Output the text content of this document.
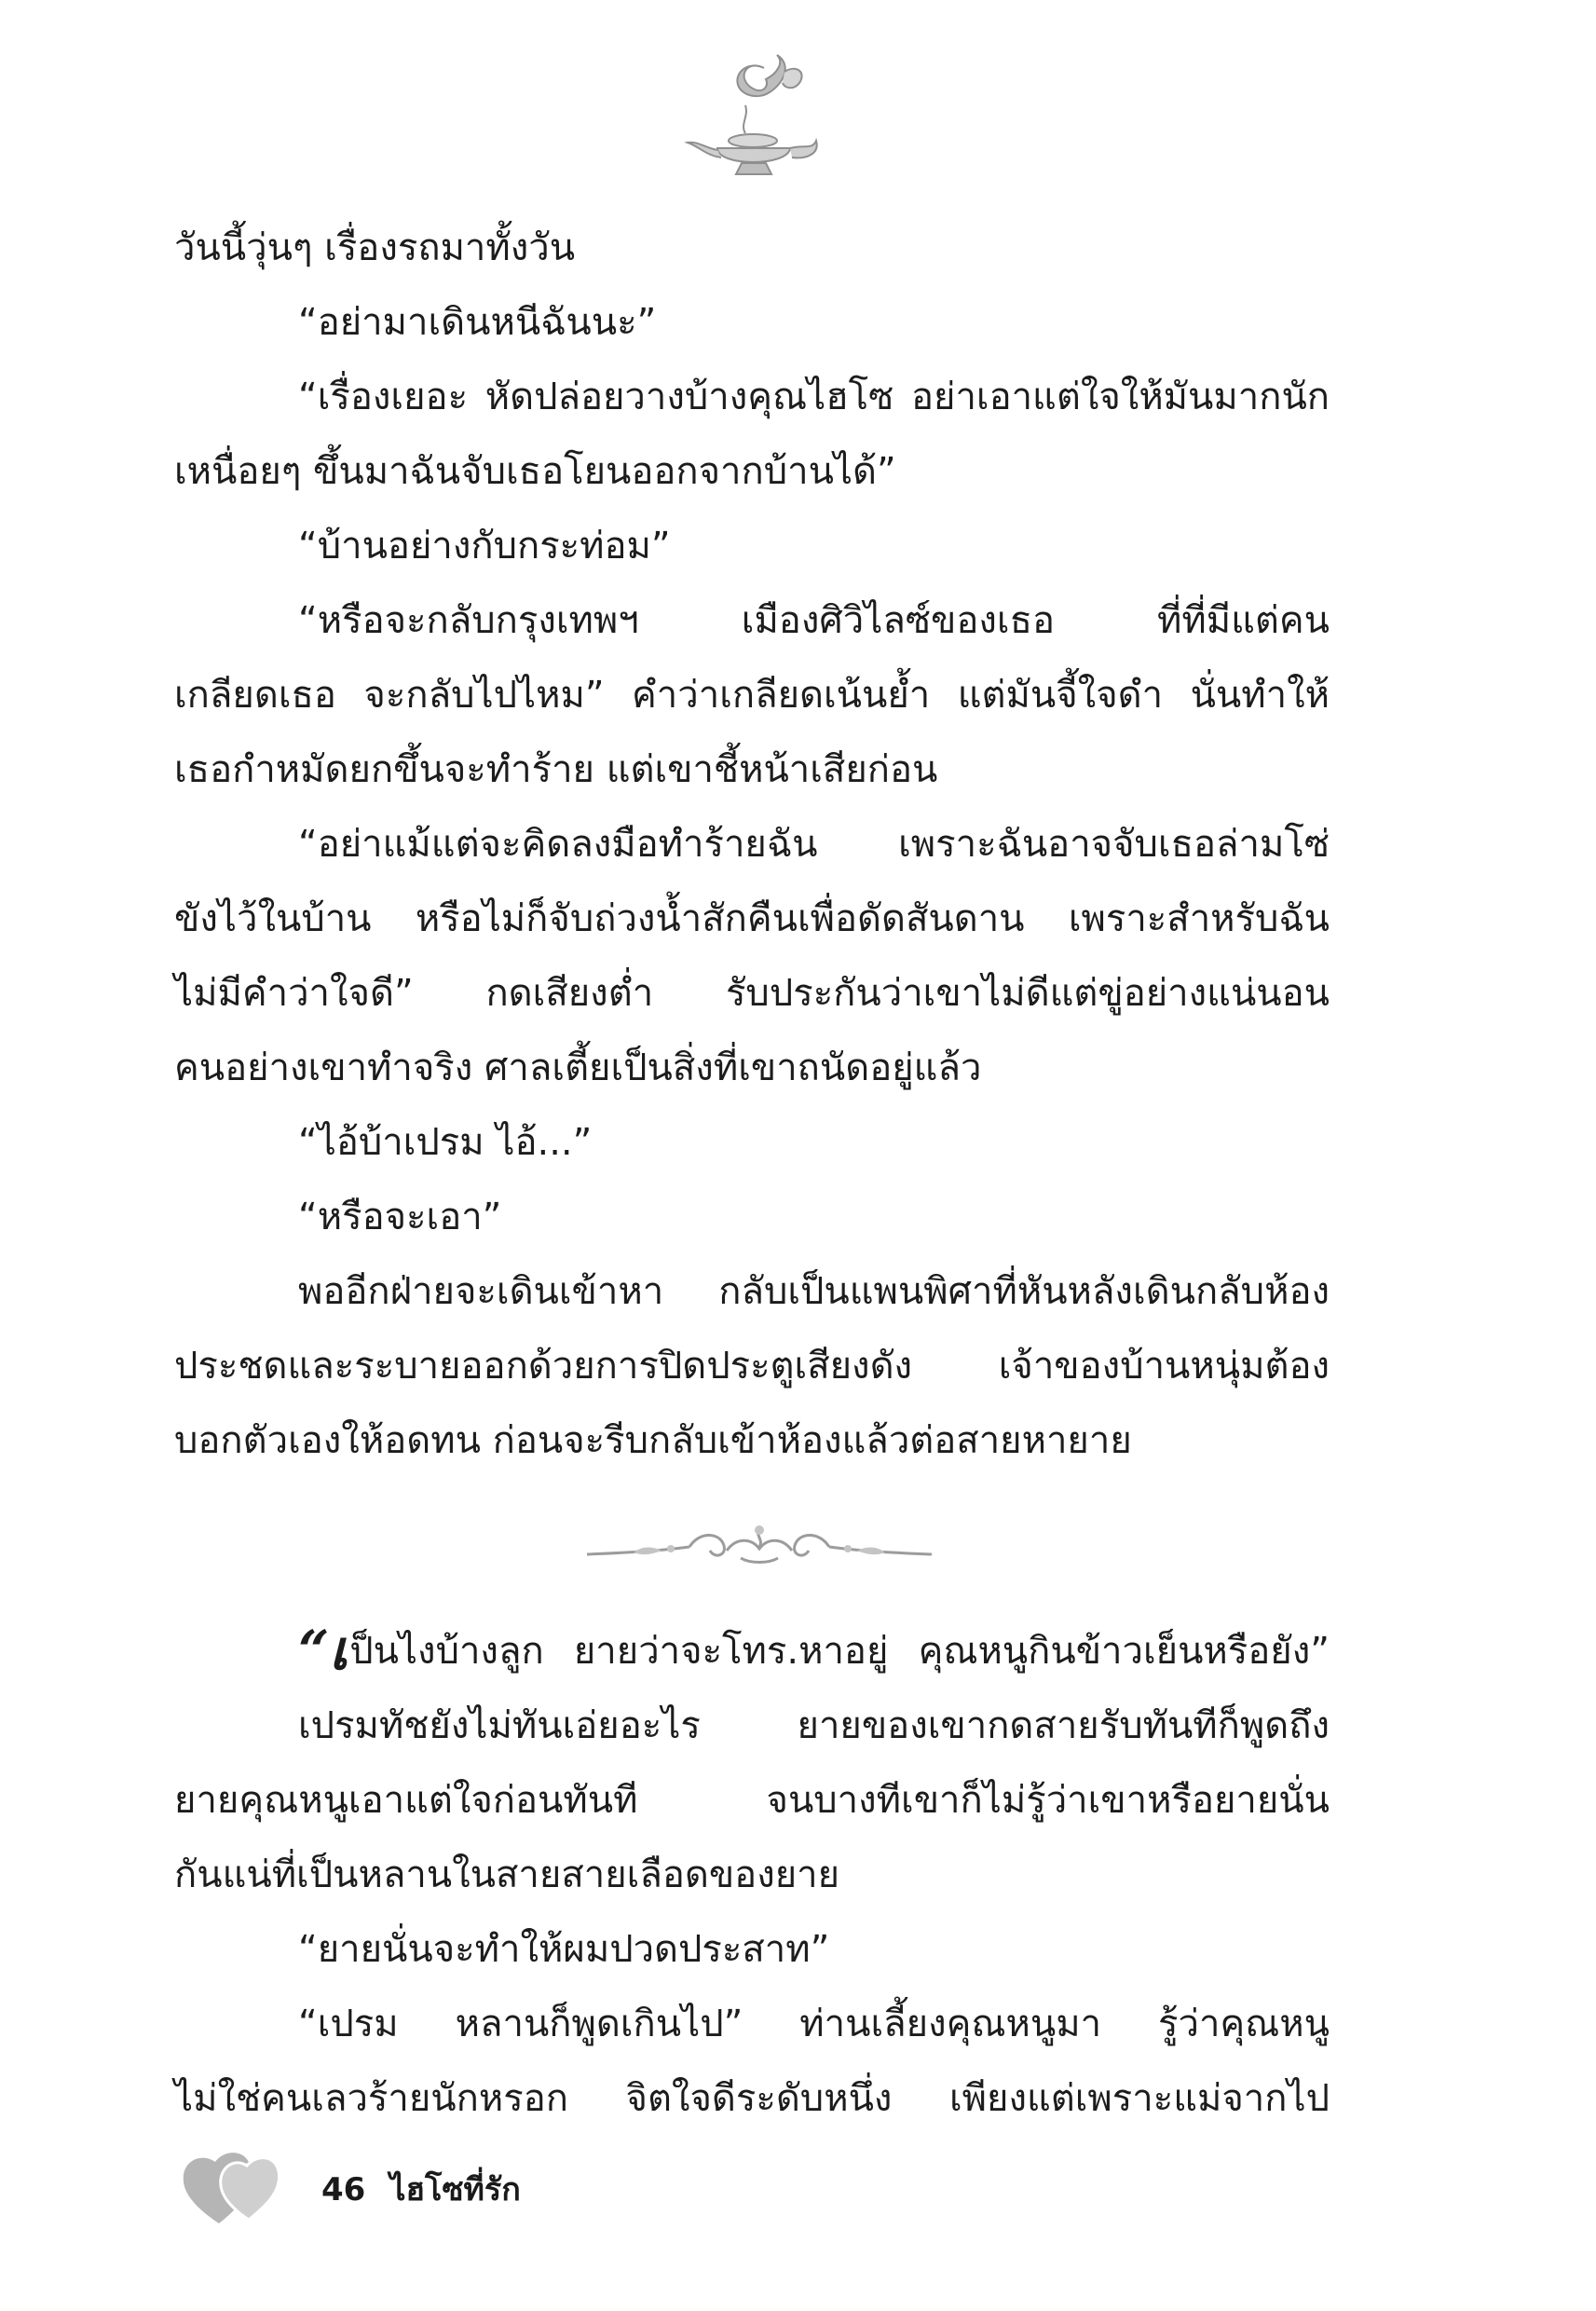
วันนี้วุ่นๆ เรื่องรถมาทั้งวัน
“อย่ามาเดินหนีฉันนะ”
“เรื่องเยอะ หัดปล่อยวางบ้างคุณไฮโซ อย่าเอาแต่ใจให้มันมากนัก
เหนื่อยๆ ขึ้นมาฉันจับเธอโยนออกจากบ้านได้”
“บ้านอย่างกับกระท่อม”
“หรือจะกลับกรุงเทพฯ เมืองศิวิไลซ์ของเธอ ที่ที่มีแต่คน
เกลียดเธอ จะกลับไปไหม” คำว่าเกลียดเน้นย้ำ แต่มันจี้ใจดำ นั่นทำให้
เธอกำหมัดยกขึ้นจะทำร้าย แต่เขาชี้หน้าเสียก่อน
“อย่าแม้แต่จะคิดลงมือทำร้ายฉัน เพราะฉันอาจจับเธอล่ามโซ่
ขังไว้ในบ้าน หรือไม่ก็จับถ่วงน้ำสักคืนเพื่อดัดสันดาน เพราะสำหรับฉัน
ไม่มีคำว่าใจดี” กดเสียงต่ำ รับประกันว่าเขาไม่ดีแต่ขู่อย่างแน่นอน
คนอย่างเขาทำจริง ศาลเตี้ยเป็นสิ่งที่เขาถนัดอยู่แล้ว
“ไอ้บ้าเปรม ไอ้...”
“หรือจะเอา”
พออีกฝ่ายจะเดินเข้าหา กลับเป็นแพนพิศาที่หันหลังเดินกลับห้อง
ประชดและระบายออกด้วยการปิดประตูเสียงดัง เจ้าของบ้านหนุ่มต้อง
บอกตัวเองให้อดทน ก่อนจะรีบกลับเข้าห้องแล้วต่อสายหายาย
“เป็นไงบ้างลูก ยายว่าจะโทร.หาอยู่ คุณหนูกินข้าวเย็นหรือยัง”
เปรมทัชยังไม่ทันเอ่ยอะไร ยายของเขากดสายรับทันทีก็พูดถึง
ยายคุณหนูเอาแต่ใจก่อนทันที จนบางทีเขาก็ไม่รู้ว่าเขาหรือยายนั่น
กันแน่ที่เป็นหลานในสายสายเลือดของยาย
“ยายนั่นจะทำให้ผมปวดประสาท”
“เปรม หลานก็พูดเกินไป” ท่านเลี้ยงคุณหนูมา รู้ว่าคุณหนู
ไม่ใช่คนเลวร้ายนักหรอก จิตใจดีระดับหนึ่ง เพียงแต่เพราะแม่จากไป
46 ไฮโซที่รัก
